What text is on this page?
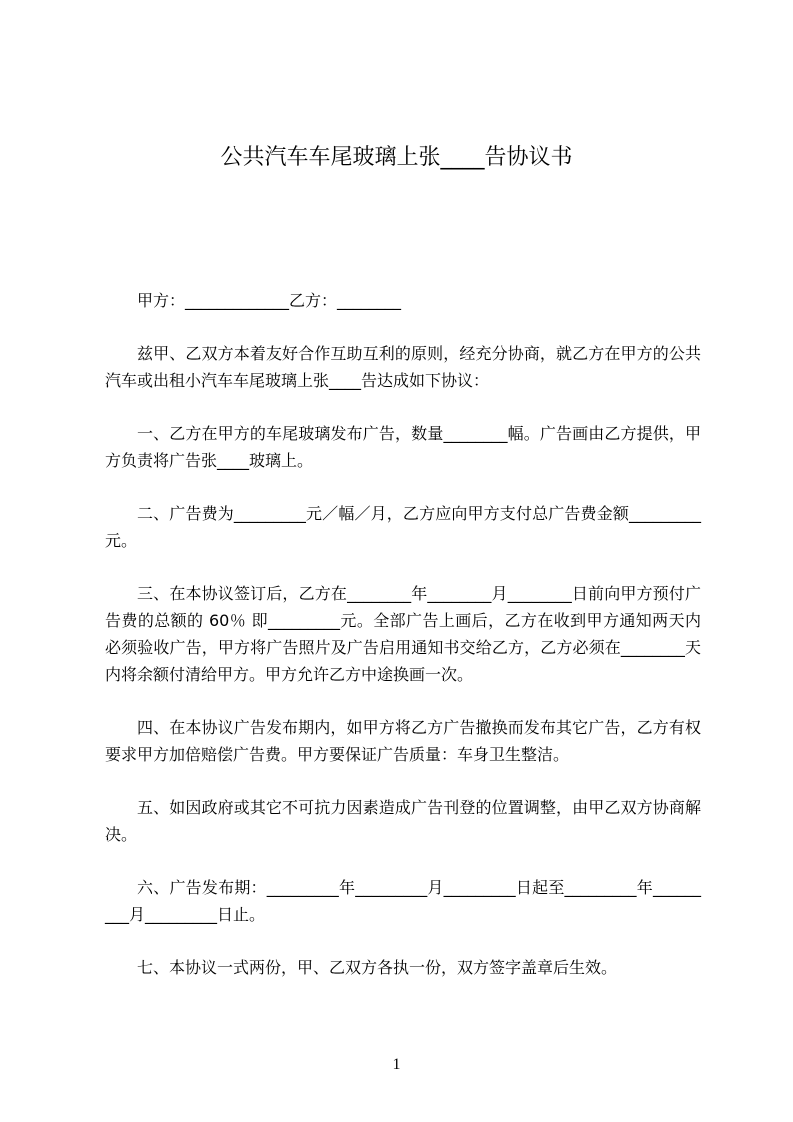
公共汽车车尾玻璃上张____告协议书

甲方：_____________乙方：________

兹甲、乙双方本着友好合作互助互利的原则，经充分协商，就乙方在甲方的公共汽车或出租小汽车车尾玻璃上张____告达成如下协议：

一、乙方在甲方的车尾玻璃发布广告，数量________幅。广告画由乙方提供，甲方负责将广告张____玻璃上。

二、广告费为_________元／幅／月，乙方应向甲方支付总广告费金额_________元。

三、在本协议签订后，乙方在________年________月________日前向甲方预付广告费的总额的 60％ 即_________元。全部广告上画后，乙方在收到甲方通知两天内必须验收广告，甲方将广告照片及广告启用通知书交给乙方，乙方必须在________天内将余额付清给甲方。甲方允许乙方中途换画一次。

四、在本协议广告发布期内，如甲方将乙方广告撤换而发布其它广告，乙方有权要求甲方加倍赔偿广告费。甲方要保证广告质量：车身卫生整洁。

五、如因政府或其它不可抗力因素造成广告刊登的位置调整，由甲乙双方协商解决。

六、广告发布期：_________年_________月_________日起至_________年_________月_________日止。

七、本协议一式两份，甲、乙双方各执一份，双方签字盖章后生效。

1
